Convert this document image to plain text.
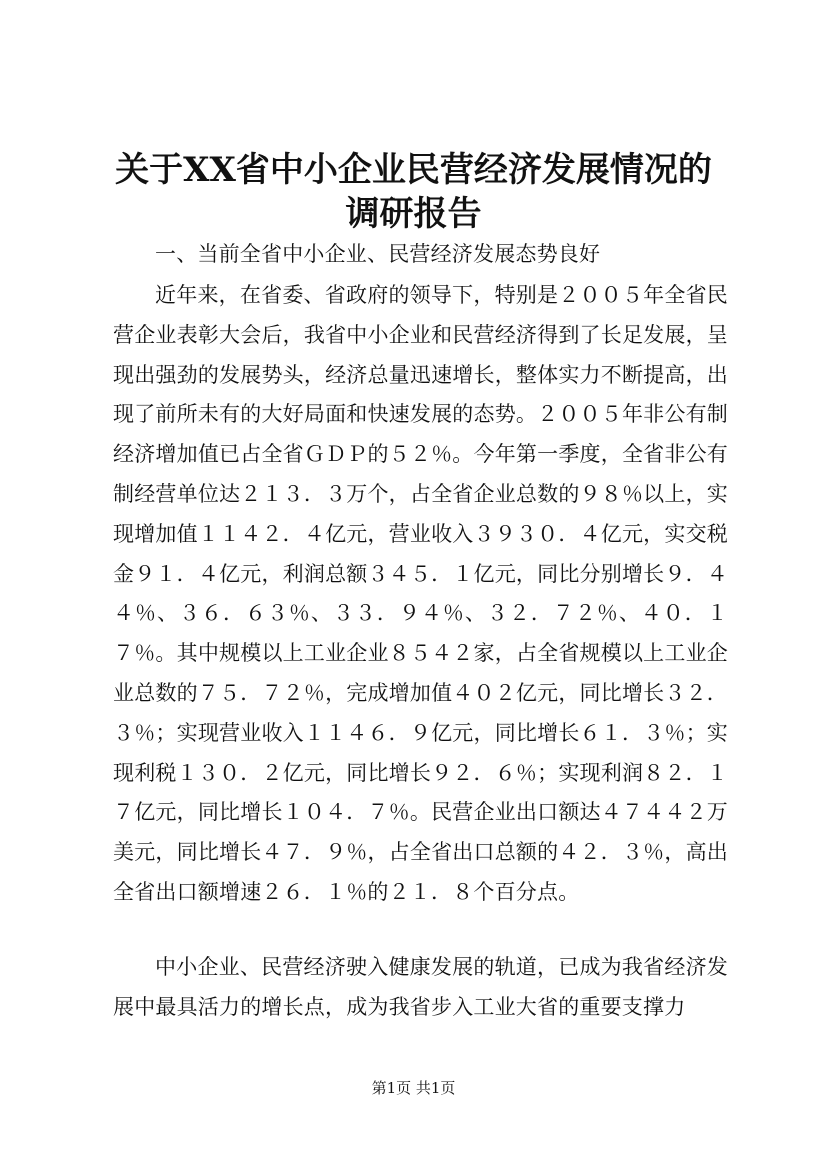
关于XX省中小企业民营经济发展情况的调研报告

一、当前全省中小企业、民营经济发展态势良好

近年来，在省委、省政府的领导下，特别是２００５年全省民营企业表彰大会后，我省中小企业和民营经济得到了长足发展，呈现出强劲的发展势头，经济总量迅速增长，整体实力不断提高，出现了前所未有的大好局面和快速发展的态势。２００５年非公有制经济增加值已占全省ＧＤＰ的５２％。今年第一季度，全省非公有制经营单位达２１３．３万个，占全省企业总数的９８％以上，实现增加值１１４２．４亿元，营业收入３９３０．４亿元，实交税金９１．４亿元，利润总额３４５．１亿元，同比分别增长９．４４％、３６．６３％、３３．９４％、３２．７２％、４０．１７％。其中规模以上工业企业８５４２家，占全省规模以上工业企业总数的７５．７２％，完成增加值４０２亿元，同比增长３２．３％；实现营业收入１１４６．９亿元，同比增长６１．３％；实现利税１３０．２亿元，同比增长９２．６％；实现利润８２．１７亿元，同比增长１０４．７％。民营企业出口额达４７４４２万美元，同比增长４７．９％，占全省出口总额的４２．３％，高出全省出口额增速２６．１％的２１．８个百分点。

中小企业、民营经济驶入健康发展的轨道，已成为我省经济发展中最具活力的增长点，成为我省步入工业大省的重要支撑力

第1页 共1页
